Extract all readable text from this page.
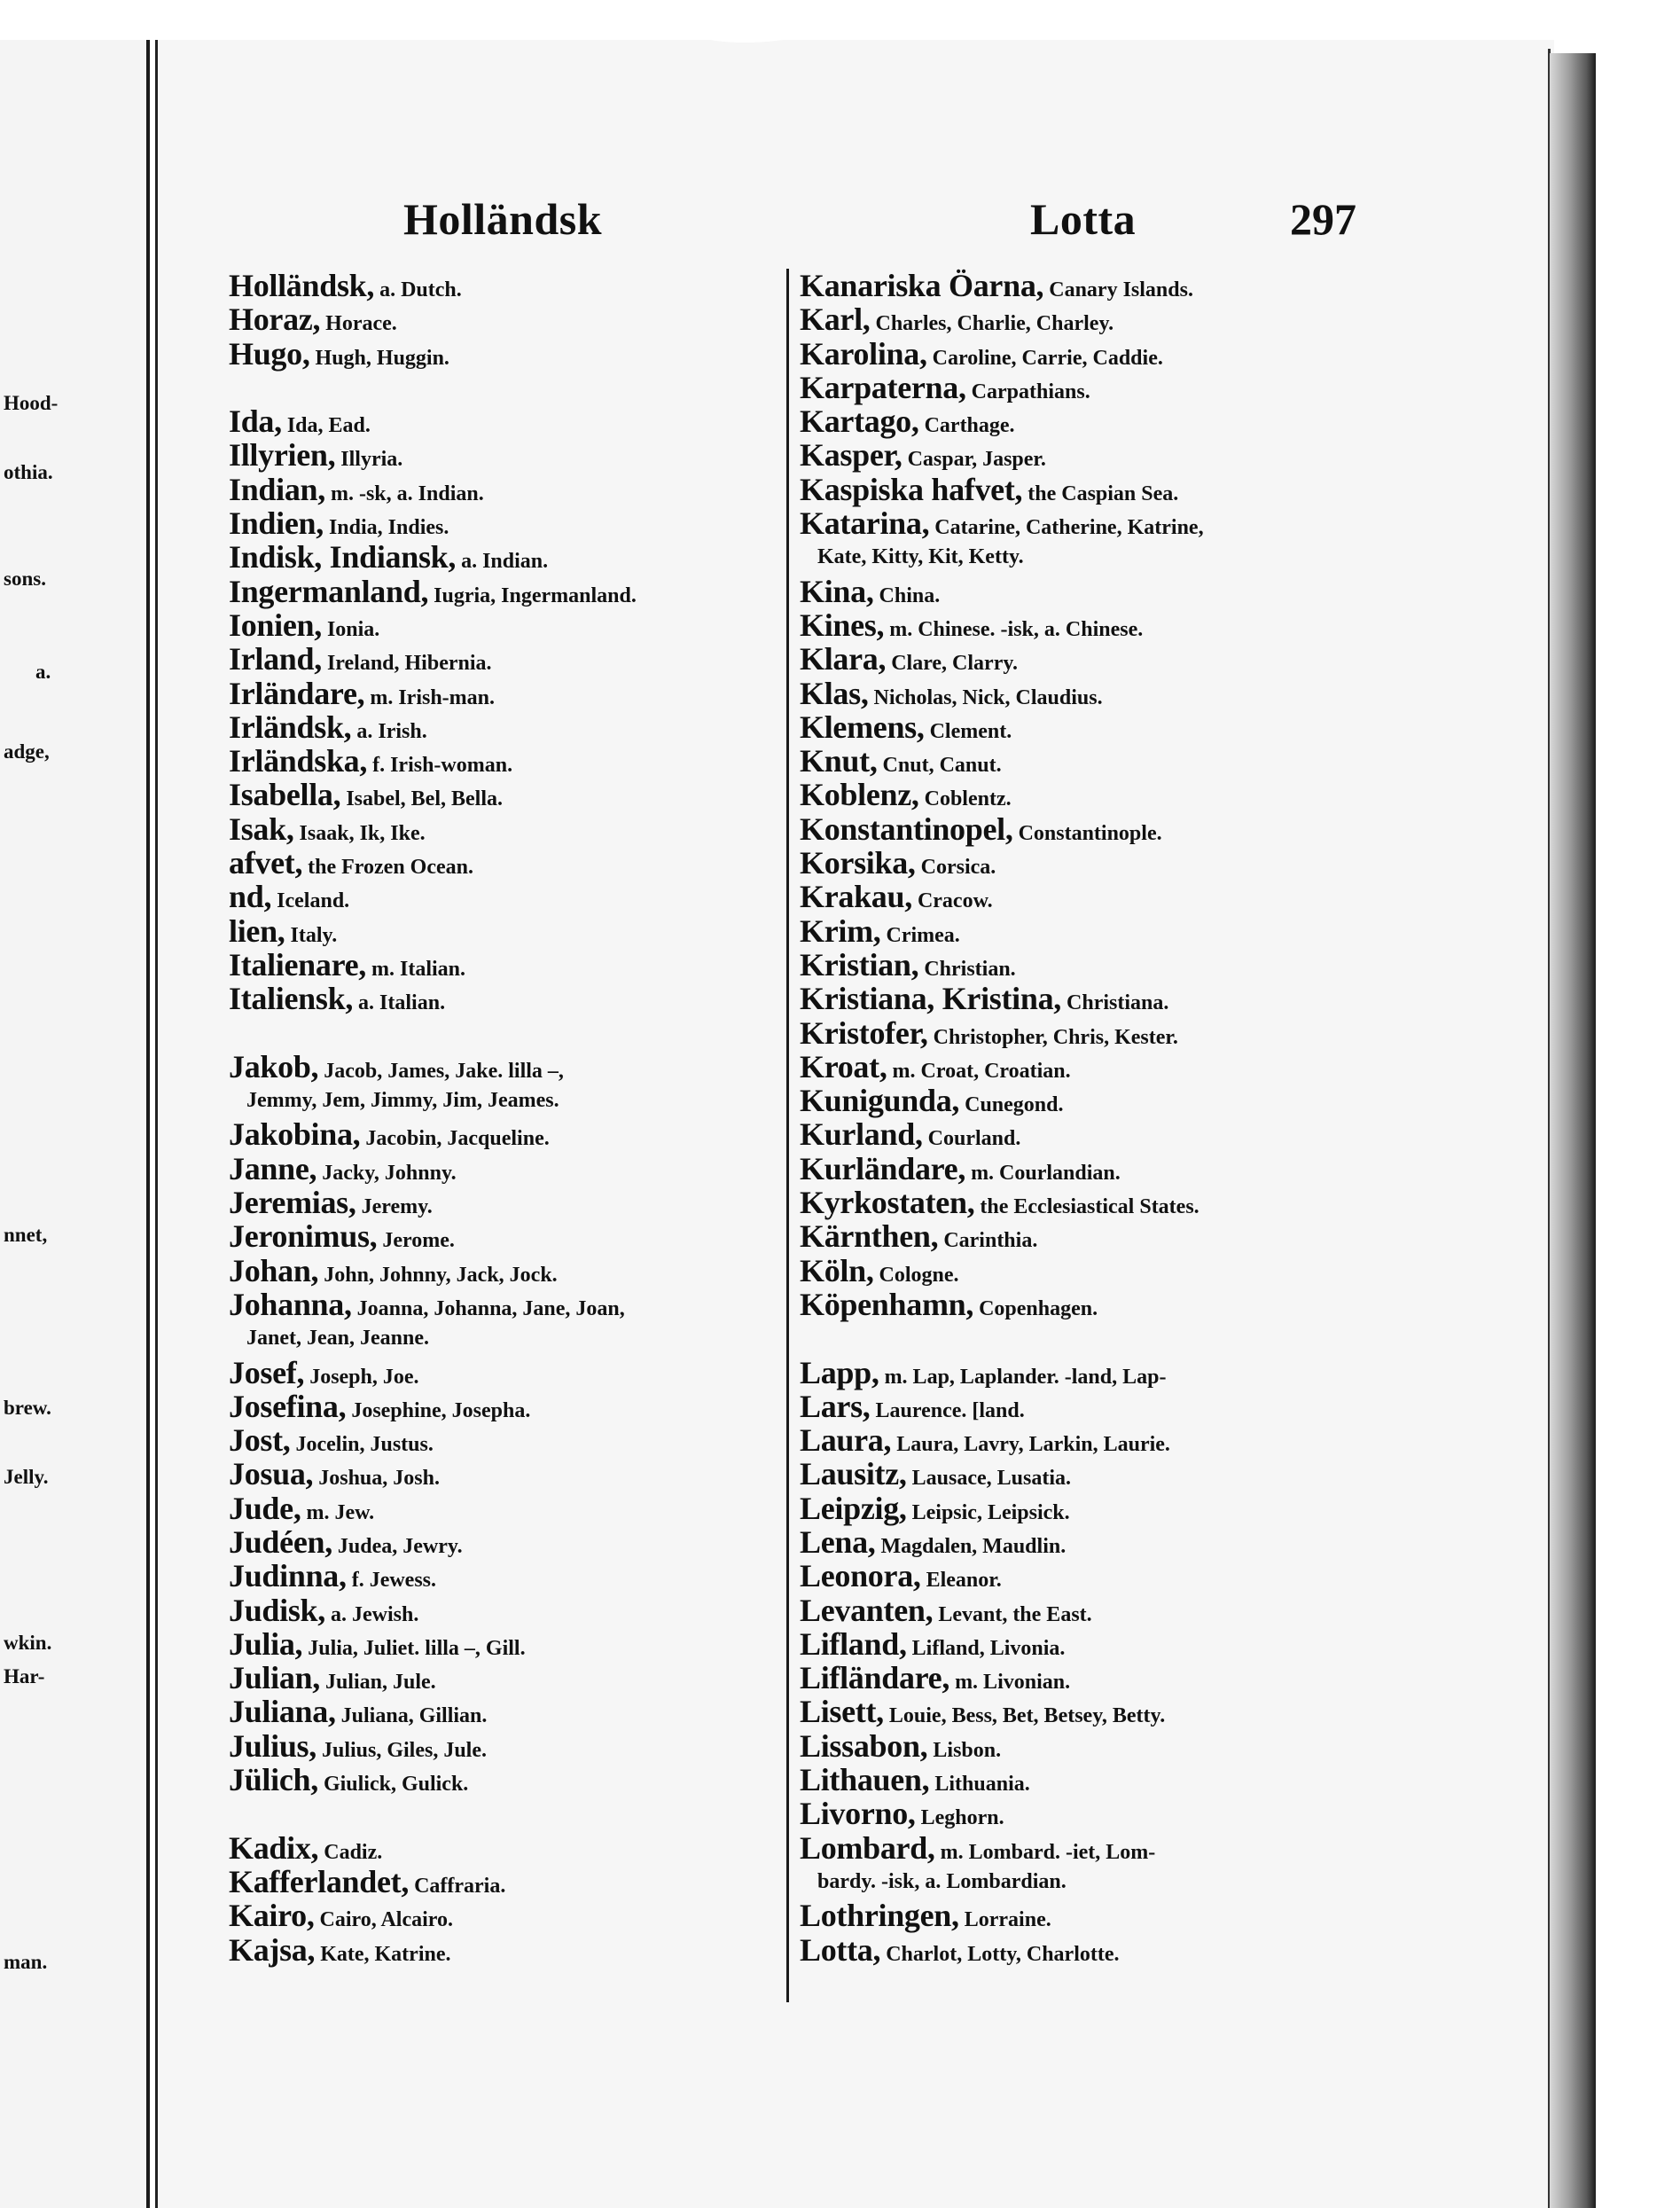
Hood-
othia.
sons.
a.
adge,
nnet,
brew.
Jelly.
wkin.
Har-
man.
Holländsk	Lotta	297
Holländsk, a. Dutch.
Horaz, Horace.
Hugo, Hugh, Huggin.
Ida, Ida, Ead.
Illyrien, Illyria.
Indian, m. -sk, a. Indian.
Indien, India, Indies.
Indisk, Indiansk, a. Indian.
Ingermanland, Iugria, Ingermanland.
Ionien, Ionia.
Irland, Ireland, Hibernia.
Irländare, m. Irish-man.
Irländsk, a. Irish.
Irländska, f. Irish-woman.
Isabella, Isabel, Bel, Bella.
Isak, Isaak, Ik, Ike.
afvet, the Frozen Ocean.
nd, Iceland.
lien, Italy.
Italienare, m. Italian.
Italiensk, a. Italian.
Jakob, Jacob, James, Jake. lilla –,
Jemmy, Jem, Jimmy, Jim, Jeames.
Jakobina, Jacobin, Jacqueline.
Janne, Jacky, Johnny.
Jeremias, Jeremy.
Jeronimus, Jerome.
Johan, John, Johnny, Jack, Jock.
Johanna, Joanna, Johanna, Jane, Joan,
Janet, Jean, Jeanne.
Josef, Joseph, Joe.
Josefina, Josephine, Josepha.
Jost, Jocelin, Justus.
Josua, Joshua, Josh.
Jude, m. Jew.
Judéen, Judea, Jewry.
Judinna, f. Jewess.
Judisk, a. Jewish.
Julia, Julia, Juliet. lilla –, Gill.
Julian, Julian, Jule.
Juliana, Juliana, Gillian.
Julius, Julius, Giles, Jule.
Jülich, Giulick, Gulick.
Kadix, Cadiz.
Kafferlandet, Caffraria.
Kairo, Cairo, Alcairo.
Kajsa, Kate, Katrine.
Kanariska Öarna, Canary Islands.
Karl, Charles, Charlie, Charley.
Karolina, Caroline, Carrie, Caddie.
Karpaterna, Carpathians.
Kartago, Carthage.
Kasper, Caspar, Jasper.
Kaspiska hafvet, the Caspian Sea.
Katarina, Catarine, Catherine, Katrine,
Kate, Kitty, Kit, Ketty.
Kina, China.
Kines, m. Chinese. -isk, a. Chinese.
Klara, Clare, Clarry.
Klas, Nicholas, Nick, Claudius.
Klemens, Clement.
Knut, Cnut, Canut.
Koblenz, Coblentz.
Konstantinopel, Constantinople.
Korsika, Corsica.
Krakau, Cracow.
Krim, Crimea.
Kristian, Christian.
Kristiana, Kristina, Christiana.
Kristofer, Christopher, Chris, Kester.
Kroat, m. Croat, Croatian.
Kunigunda, Cunegond.
Kurland, Courland.
Kurländare, m. Courlandian.
Kyrkostaten, the Ecclesiastical States.
Kärnthen, Carinthia.
Köln, Cologne.
Köpenhamn, Copenhagen.
Lapp, m. Lap, Laplander. -land, Lap-
Lars, Laurence. [land.
Laura, Laura, Lavry, Larkin, Laurie.
Lausitz, Lausace, Lusatia.
Leipzig, Leipsic, Leipsick.
Lena, Magdalen, Maudlin.
Leonora, Eleanor.
Levanten, Levant, the East.
Lifland, Lifland, Livonia.
Lifländare, m. Livonian.
Lisett, Louie, Bess, Bet, Betsey, Betty.
Lissabon, Lisbon.
Lithauen, Lithuania.
Livorno, Leghorn.
Lombard, m. Lombard. -iet, Lom-
bardy. -isk, a. Lombardian.
Lothringen, Lorraine.
Lotta, Charlot, Lotty, Charlotte.
